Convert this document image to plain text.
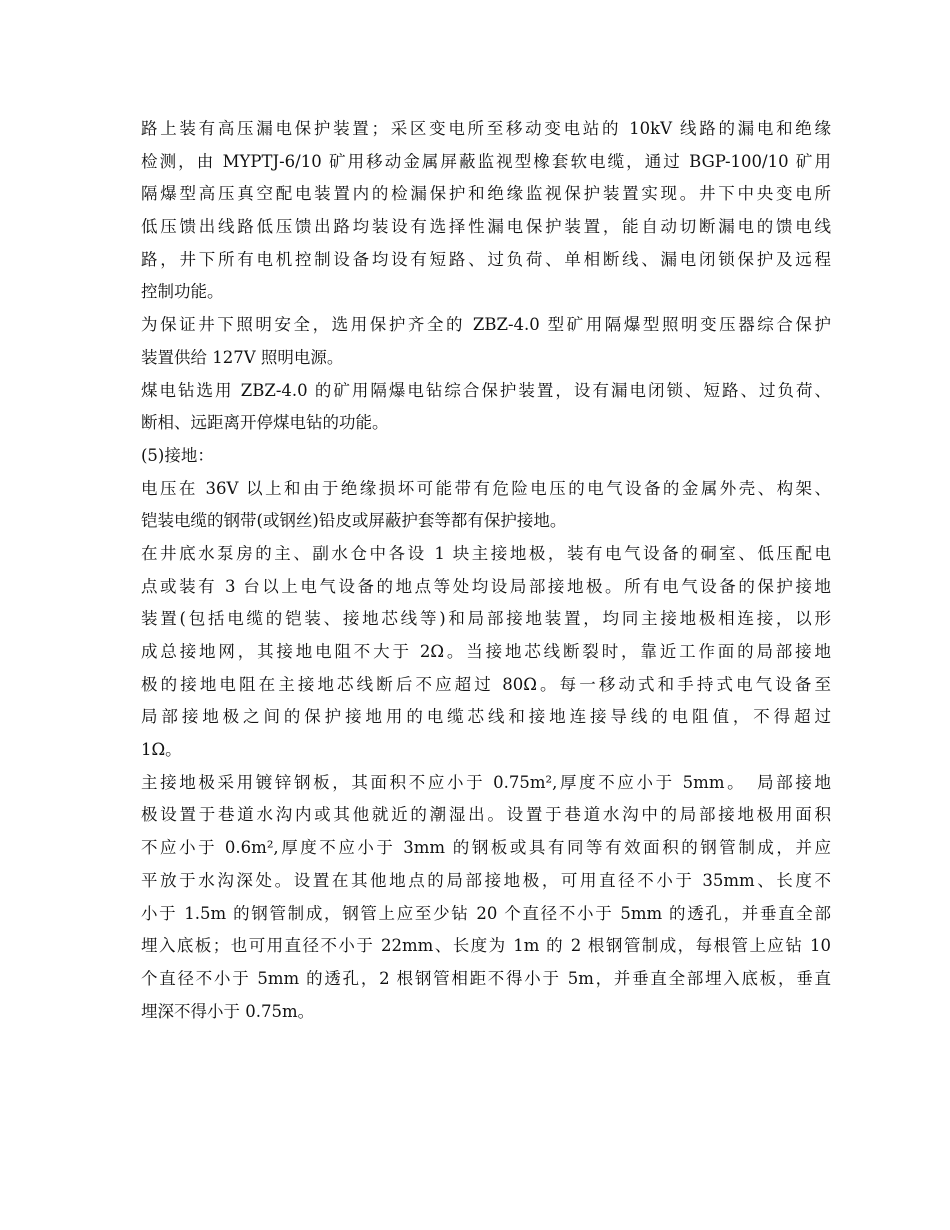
路上装有高压漏电保护装置；采区变电所至移动变电站的 10kV 线路的漏电和绝缘
检测，由 MYPTJ-6/10 矿用移动金属屏蔽监视型橡套软电缆，通过 BGP-100/10 矿用
隔爆型高压真空配电装置内的检漏保护和绝缘监视保护装置实现。井下中央变电所
低压馈出线路低压馈出路均装设有选择性漏电保护装置，能自动切断漏电的馈电线
路，井下所有电机控制设备均设有短路、过负荷、单相断线、漏电闭锁保护及远程
控制功能。
为保证井下照明安全，选用保护齐全的 ZBZ-4.0 型矿用隔爆型照明变压器综合保护
装置供给 127V 照明电源。
煤电钻选用 ZBZ-4.0 的矿用隔爆电钻综合保护装置，设有漏电闭锁、短路、过负荷、
断相、远距离开停煤电钻的功能。
(5)接地：
电压在 36V 以上和由于绝缘损坏可能带有危险电压的电气设备的金属外壳、构架、
铠装电缆的钢带(或钢丝)铅皮或屏蔽护套等都有保护接地。
在井底水泵房的主、副水仓中各设 1 块主接地极，装有电气设备的硐室、低压配电
点或装有 3 台以上电气设备的地点等处均设局部接地极。所有电气设备的保护接地
装置(包括电缆的铠装、接地芯线等)和局部接地装置，均同主接地极相连接，以形
成总接地网，其接地电阻不大于 2Ω。当接地芯线断裂时，靠近工作面的局部接地
极的接地电阻在主接地芯线断后不应超过 80Ω。每一移动式和手持式电气设备至
局部接地极之间的保护接地用的电缆芯线和接地连接导线的电阻值，不得超过
1Ω。
主接地极采用镀锌钢板，其面积不应小于 0.75m²,厚度不应小于 5mm。　局部接地
极设置于巷道水沟内或其他就近的潮湿出。设置于巷道水沟中的局部接地极用面积
不应小于 0.6m²,厚度不应小于 3mm 的钢板或具有同等有效面积的钢管制成，并应
平放于水沟深处。设置在其他地点的局部接地极，可用直径不小于 35mm、长度不
小于 1.5m 的钢管制成，钢管上应至少钻 20 个直径不小于 5mm 的透孔，并垂直全部
埋入底板；也可用直径不小于 22mm、长度为 1m 的 2 根钢管制成，每根管上应钻 10
个直径不小于 5mm 的透孔，2 根钢管相距不得小于 5m，并垂直全部埋入底板，垂直
埋深不得小于 0.75m。
